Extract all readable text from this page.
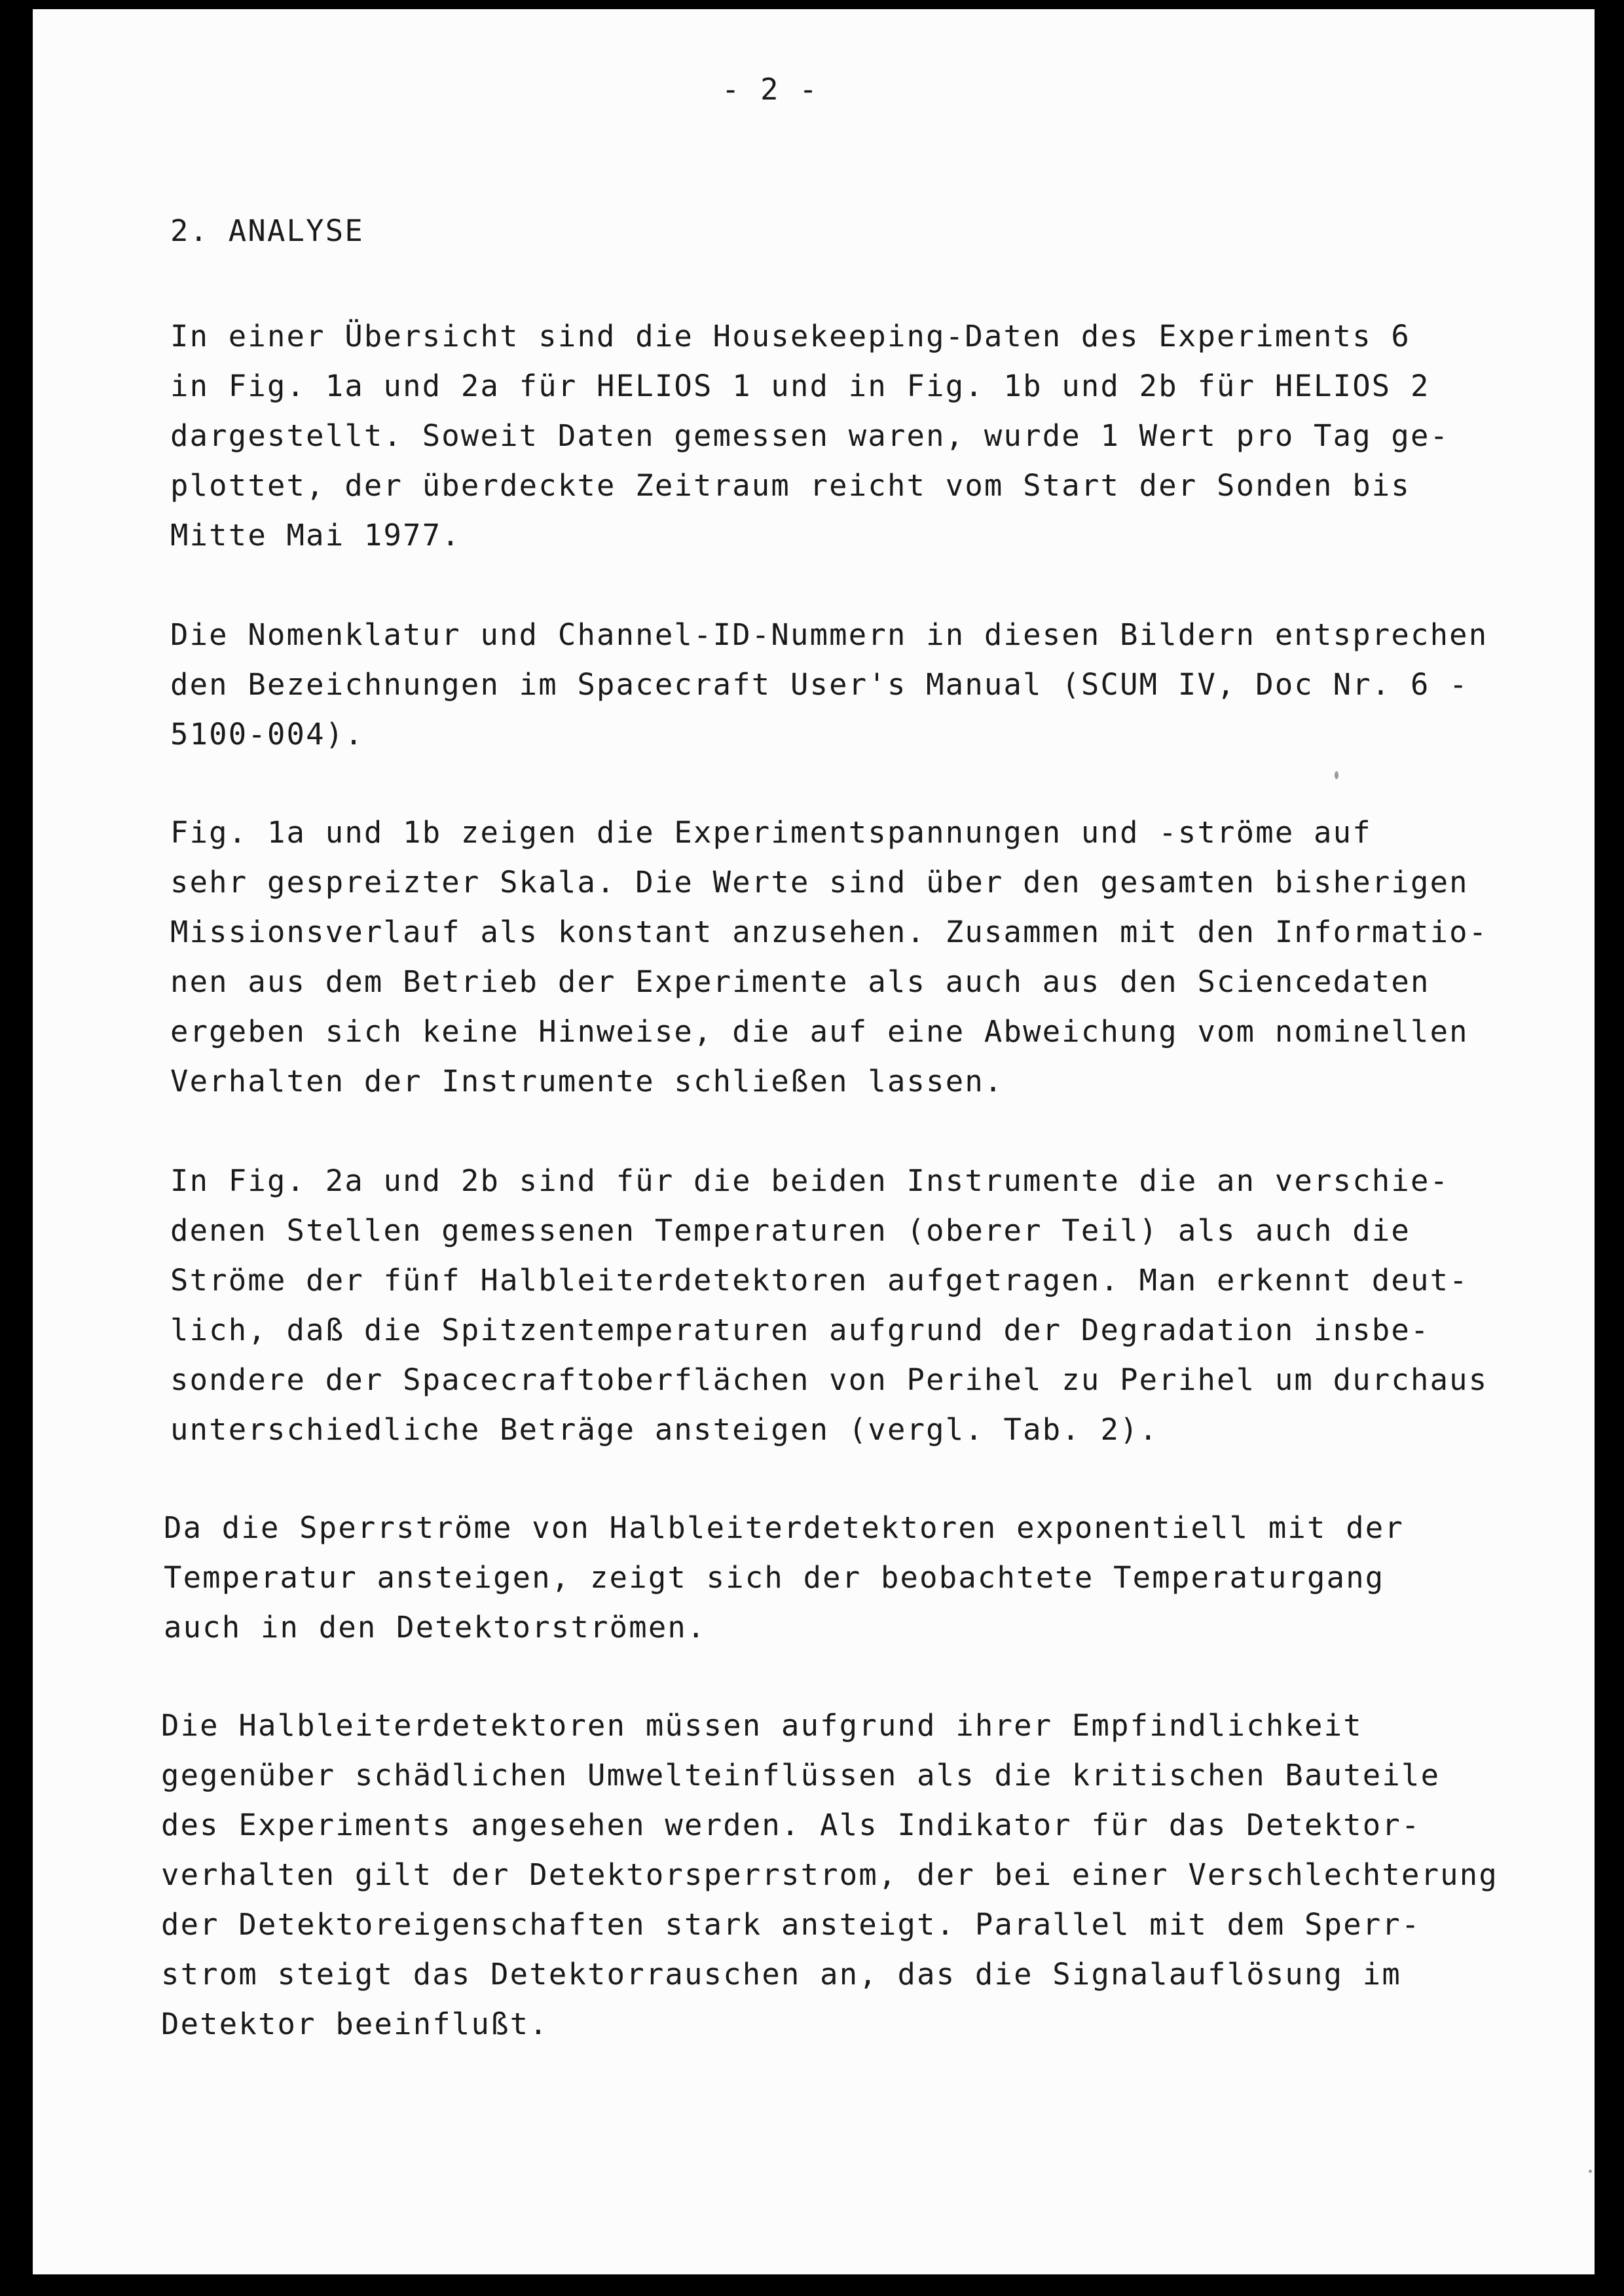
- 2 -
2. ANALYSE
In einer Übersicht sind die Housekeeping-Daten des Experiments 6
in Fig. 1a und 2a für HELIOS 1 und in Fig. 1b und 2b für HELIOS 2
dargestellt. Soweit Daten gemessen waren, wurde 1 Wert pro Tag ge-
plottet, der überdeckte Zeitraum reicht vom Start der Sonden bis
Mitte Mai 1977.
Die Nomenklatur und Channel-ID-Nummern in diesen Bildern entsprechen
den Bezeichnungen im Spacecraft User's Manual (SCUM IV, Doc Nr. 6 -
5100-004).
Fig. 1a und 1b zeigen die Experimentspannungen und -ströme auf
sehr gespreizter Skala. Die Werte sind über den gesamten bisherigen
Missionsverlauf als konstant anzusehen. Zusammen mit den Informatio-
nen aus dem Betrieb der Experimente als auch aus den Sciencedaten
ergeben sich keine Hinweise, die auf eine Abweichung vom nominellen
Verhalten der Instrumente schließen lassen.
In Fig. 2a und 2b sind für die beiden Instrumente die an verschie-
denen Stellen gemessenen Temperaturen (oberer Teil) als auch die
Ströme der fünf Halbleiterdetektoren aufgetragen. Man erkennt deut-
lich, daß die Spitzentemperaturen aufgrund der Degradation insbe-
sondere der Spacecraftoberflächen von Perihel zu Perihel um durchaus
unterschiedliche Beträge ansteigen (vergl. Tab. 2).
Da die Sperrströme von Halbleiterdetektoren exponentiell mit der
Temperatur ansteigen, zeigt sich der beobachtete Temperaturgang
auch in den Detektorströmen.
Die Halbleiterdetektoren müssen aufgrund ihrer Empfindlichkeit
gegenüber schädlichen Umwelteinflüssen als die kritischen Bauteile
des Experiments angesehen werden. Als Indikator für das Detektor-
verhalten gilt der Detektorsperrstrom, der bei einer Verschlechterung
der Detektoreigenschaften stark ansteigt. Parallel mit dem Sperr-
strom steigt das Detektorrauschen an, das die Signalauflösung im
Detektor beeinflußt.
